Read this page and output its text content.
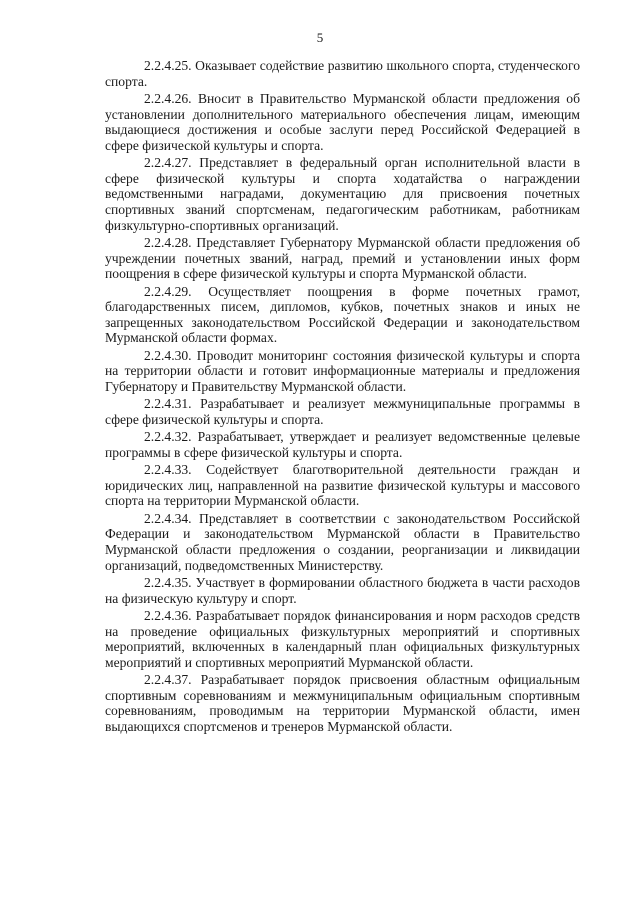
5

2.2.4.25. Оказывает содействие развитию школьного спорта, студенческого спорта.

2.2.4.26. Вносит в Правительство Мурманской области предложения об установлении дополнительного материального обеспечения лицам, имеющим выдающиеся достижения и особые заслуги перед Российской Федерацией в сфере физической культуры и спорта.

2.2.4.27. Представляет в федеральный орган исполнительной власти в сфере физической культуры и спорта ходатайства о награждении ведомственными наградами, документацию для присвоения почетных спортивных званий спортсменам, педагогическим работникам, работникам физкультурно-спортивных организаций.

2.2.4.28. Представляет Губернатору Мурманской области предложения об учреждении почетных званий, наград, премий и установлении иных форм поощрения в сфере физической культуры и спорта Мурманской области.

2.2.4.29. Осуществляет поощрения в форме почетных грамот, благодарственных писем, дипломов, кубков, почетных знаков и иных не запрещенных законодательством Российской Федерации и законодательством Мурманской области формах.

2.2.4.30. Проводит мониторинг состояния физической культуры и спорта на территории области и готовит информационные материалы и предложения Губернатору и Правительству Мурманской области.

2.2.4.31. Разрабатывает и реализует межмуниципальные программы в сфере физической культуры и спорта.

2.2.4.32. Разрабатывает, утверждает и реализует ведомственные целевые программы в сфере физической культуры и спорта.

2.2.4.33. Содействует благотворительной деятельности граждан и юридических лиц, направленной на развитие физической культуры и массового спорта на территории Мурманской области.

2.2.4.34. Представляет в соответствии с законодательством Российской Федерации и законодательством Мурманской области в Правительство Мурманской области предложения о создании, реорганизации и ликвидации организаций, подведомственных Министерству.

2.2.4.35. Участвует в формировании областного бюджета в части расходов на физическую культуру и спорт.

2.2.4.36. Разрабатывает порядок финансирования и норм расходов средств на проведение официальных физкультурных мероприятий и спортивных мероприятий, включенных в календарный план официальных физкультурных мероприятий и спортивных мероприятий Мурманской области.

2.2.4.37. Разрабатывает порядок присвоения областным официальным спортивным соревнованиям и межмуниципальным официальным спортивным соревнованиям, проводимым на территории Мурманской области, имен выдающихся спортсменов и тренеров Мурманской области.
